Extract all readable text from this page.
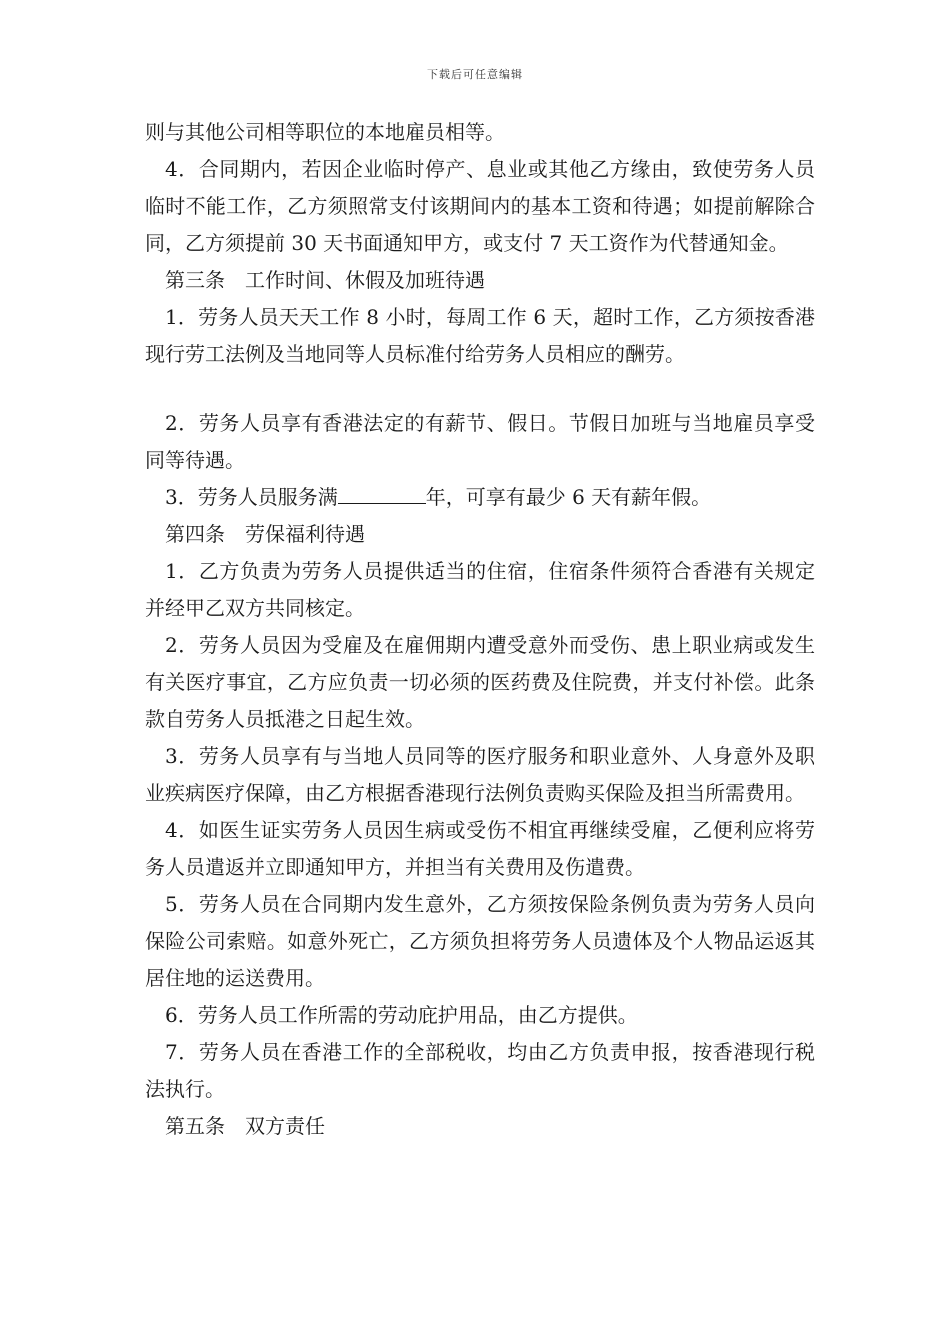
下载后可任意编辑

则与其他公司相等职位的本地雇员相等。

4．合同期内，若因企业临时停产、息业或其他乙方缘由，致使劳务人员临时不能工作，乙方须照常支付该期间内的基本工资和待遇；如提前解除合同，乙方须提前 30 天书面通知甲方，或支付 7 天工资作为代替通知金。

第三条　工作时间、休假及加班待遇

1．劳务人员天天工作 8 小时，每周工作 6 天，超时工作，乙方须按香港现行劳工法例及当地同等人员标准付给劳务人员相应的酬劳。

2．劳务人员享有香港法定的有薪节、假日。节假日加班与当地雇员享受同等待遇。

3．劳务人员服务满	年，可享有最少 6 天有薪年假。

第四条　劳保福利待遇

1．乙方负责为劳务人员提供适当的住宿，住宿条件须符合香港有关规定并经甲乙双方共同核定。

2．劳务人员因为受雇及在雇佣期内遭受意外而受伤、患上职业病或发生有关医疗事宜，乙方应负责一切必须的医药费及住院费，并支付补偿。此条款自劳务人员抵港之日起生效。

3．劳务人员享有与当地人员同等的医疗服务和职业意外、人身意外及职业疾病医疗保障，由乙方根据香港现行法例负责购买保险及担当所需费用。

4．如医生证实劳务人员因生病或受伤不相宜再继续受雇，乙便利应将劳务人员遣返并立即通知甲方，并担当有关费用及伤遣费。

5．劳务人员在合同期内发生意外，乙方须按保险条例负责为劳务人员向保险公司索赔。如意外死亡，乙方须负担将劳务人员遗体及个人物品运返其居住地的运送费用。

6．劳务人员工作所需的劳动庇护用品，由乙方提供。

7．劳务人员在香港工作的全部税收，均由乙方负责申报，按香港现行税法执行。

第五条　双方责任
